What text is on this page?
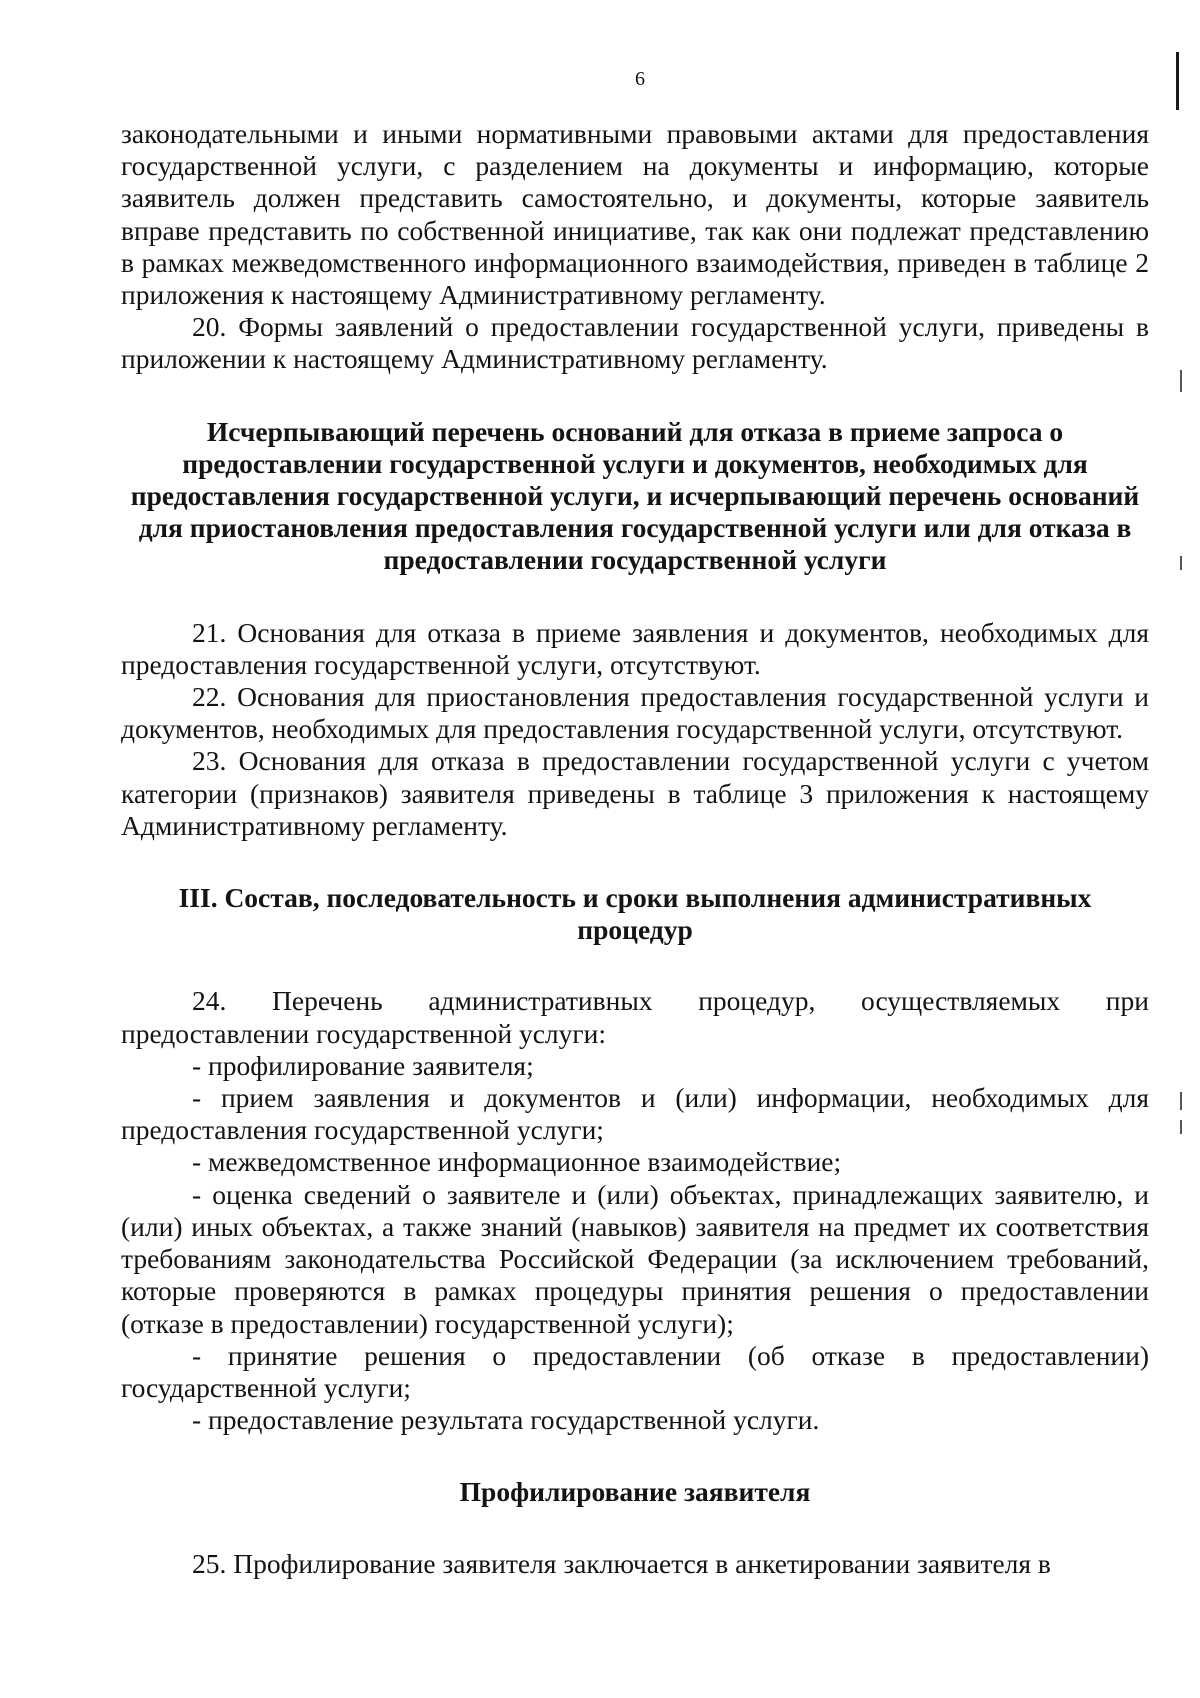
6

законодательными и иными нормативными правовыми актами для предоставления государственной услуги, с разделением на документы и информацию, которые заявитель должен представить самостоятельно, и документы, которые заявитель вправе представить по собственной инициативе, так как они подлежат представлению в рамках межведомственного информационного взаимодействия, приведен в таблице 2 приложения к настоящему Административному регламенту.

20. Формы заявлений о предоставлении государственной услуги, приведены в приложении к настоящему Административному регламенту.

Исчерпывающий перечень оснований для отказа в приеме запроса о предоставлении государственной услуги и документов, необходимых для предоставления государственной услуги, и исчерпывающий перечень оснований для приостановления предоставления государственной услуги или для отказа в предоставлении государственной услуги

21. Основания для отказа в приеме заявления и документов, необходимых для предоставления государственной услуги, отсутствуют.

22. Основания для приостановления предоставления государственной услуги и документов, необходимых для предоставления государственной услуги, отсутствуют.

23. Основания для отказа в предоставлении государственной услуги с учетом категории (признаков) заявителя приведены в таблице 3 приложения к настоящему Административному регламенту.

III. Состав, последовательность и сроки выполнения административных процедур

24. Перечень административных процедур, осуществляемых при предоставлении государственной услуги:

- профилирование заявителя;

- прием заявления и документов и (или) информации, необходимых для предоставления государственной услуги;

- межведомственное информационное взаимодействие;

- оценка сведений о заявителе и (или) объектах, принадлежащих заявителю, и (или) иных объектах, а также знаний (навыков) заявителя на предмет их соответствия требованиям законодательства Российской Федерации (за исключением требований, которые проверяются в рамках процедуры принятия решения о предоставлении (отказе в предоставлении) государственной услуги);

- принятие решения о предоставлении (об отказе в предоставлении) государственной услуги;

- предоставление результата государственной услуги.

Профилирование заявителя

25. Профилирование заявителя заключается в анкетировании заявителя в
